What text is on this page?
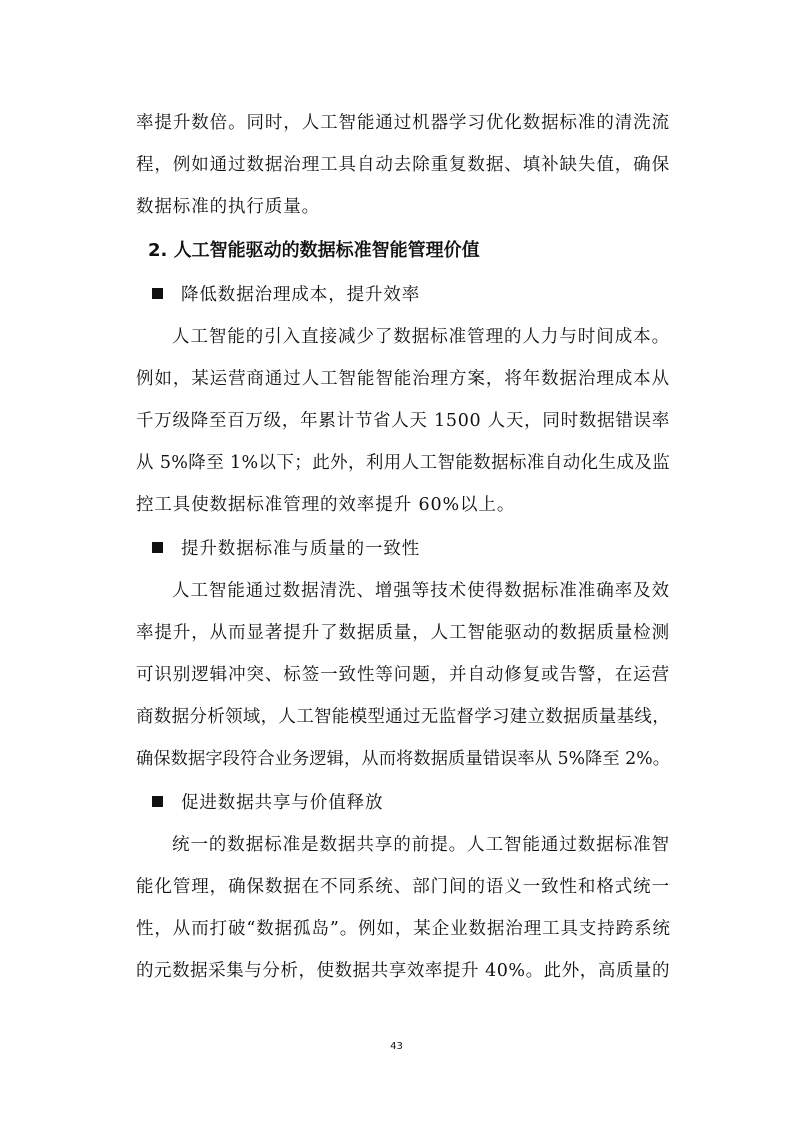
率提升数倍。同时，人工智能通过机器学习优化数据标准的清洗流
程，例如通过数据治理工具自动去除重复数据、填补缺失值，确保
数据标准的执行质量。
2. 人工智能驱动的数据标准智能管理价值
降低数据治理成本，提升效率
人工智能的引入直接减少了数据标准管理的人力与时间成本。
例如，某运营商通过人工智能智能治理方案，将年数据治理成本从
千万级降至百万级，年累计节省人天 1500 人天，同时数据错误率
从 5%降至 1%以下；此外，利用人工智能数据标准自动化生成及监
控工具使数据标准管理的效率提升 60%以上。
提升数据标准与质量的一致性
人工智能通过数据清洗、增强等技术使得数据标准准确率及效
率提升，从而显著提升了数据质量，人工智能驱动的数据质量检测
可识别逻辑冲突、标签一致性等问题，并自动修复或告警，在运营
商数据分析领域，人工智能模型通过无监督学习建立数据质量基线，
确保数据字段符合业务逻辑，从而将数据质量错误率从 5%降至 2%。
促进数据共享与价值释放
统一的数据标准是数据共享的前提。人工智能通过数据标准智
能化管理，确保数据在不同系统、部门间的语义一致性和格式统一
性，从而打破“数据孤岛”。例如，某企业数据治理工具支持跨系统
的元数据采集与分析，使数据共享效率提升 40%。此外，高质量的
43
